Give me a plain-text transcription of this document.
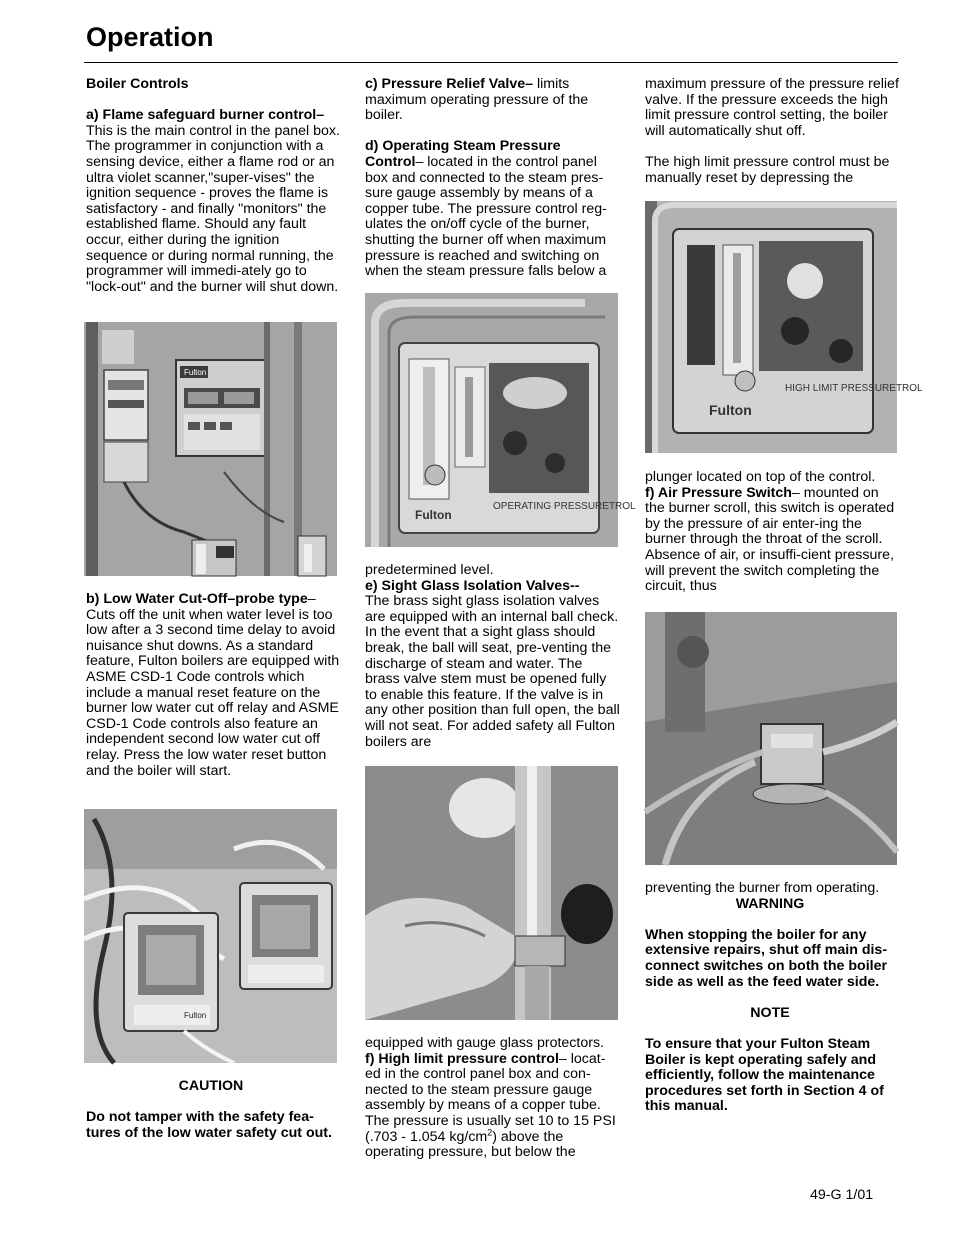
Operation

Boiler Controls

a) Flame safeguard burner control–
This is the main control in the panel box. The programmer in conjunction with a sensing device, either a flame rod or an ultra violet scanner,"super-vises" the ignition sequence - proves the flame is satisfactory - and finally "monitors" the established flame. Should any fault occur, either during the ignition sequence or during normal running, the programmer will immedi-ately go to "lock-out" and the burner will shut down.

Fulton

b) Low Water Cut-Off–probe type–
Cuts off the unit when water level is too low after a 3 second time delay to avoid nuisance shut downs. As a standard feature, Fulton boilers are equipped with ASME CSD-1 Code controls which include a manual reset feature on the burner low water cut off relay and ASME CSD-1 Code controls also feature an independent second low water cut off relay. Press the low water reset button and the boiler will start.

Fulton
CAUTION
Do not tamper with the safety fea-tures of the low water safety cut out.

c) Pressure Relief Valve– limits maximum operating pressure of the boiler.

d) Operating Steam Pressure Control– located in the control panel box and connected to the steam pres-sure gauge assembly by means of a copper tube. The pressure control reg-ulates the on/off cycle of the burner, shutting the burner off when maximum pressure is reached and switching on when the steam pressure falls below a

OPERATING PRESSURETROL
Fulton

predetermined level.

e) Sight Glass Isolation Valves--
The brass sight glass isolation valves are equipped with an internal ball check. In the event that a sight glass should break, the ball will seat, pre-venting the discharge of steam and water. The brass valve stem must be opened fully to enable this feature. If the valve is in any other position than full open, the ball will not seat. For added safety all Fulton boilers are

equipped with gauge glass protectors.

f) High limit pressure control– locat-ed in the control panel box and con-nected to the steam pressure gauge assembly by means of a copper tube. The pressure is usually set 10 to 15 PSI (.703 - 1.054 $kg/cm^2$) above the operating pressure, but below the

maximum pressure of the pressure relief valve. If the pressure exceeds the high limit pressure control setting, the boiler will automatically shut off.

The high limit pressure control must be manually reset by depressing the

HIGH LIMIT PRESSURETROL
Fulton

plunger located on top of the control.

f) Air Pressure Switch– mounted on the burner scroll, this switch is operated by the pressure of air enter-ing the burner through the throat of the scroll. Absence of air, or insuffi-cient pressure, will prevent the switch completing the circuit, thus

preventing the burner from operating.

WARNING

When stopping the boiler for any extensive repairs, shut off main dis-connect switches on both the boiler side as well as the feed water side.

NOTE

To ensure that your Fulton Steam Boiler is kept operating safely and efficiently, follow the maintenance procedures set forth in Section 4 of this manual.

49-G 1/01
